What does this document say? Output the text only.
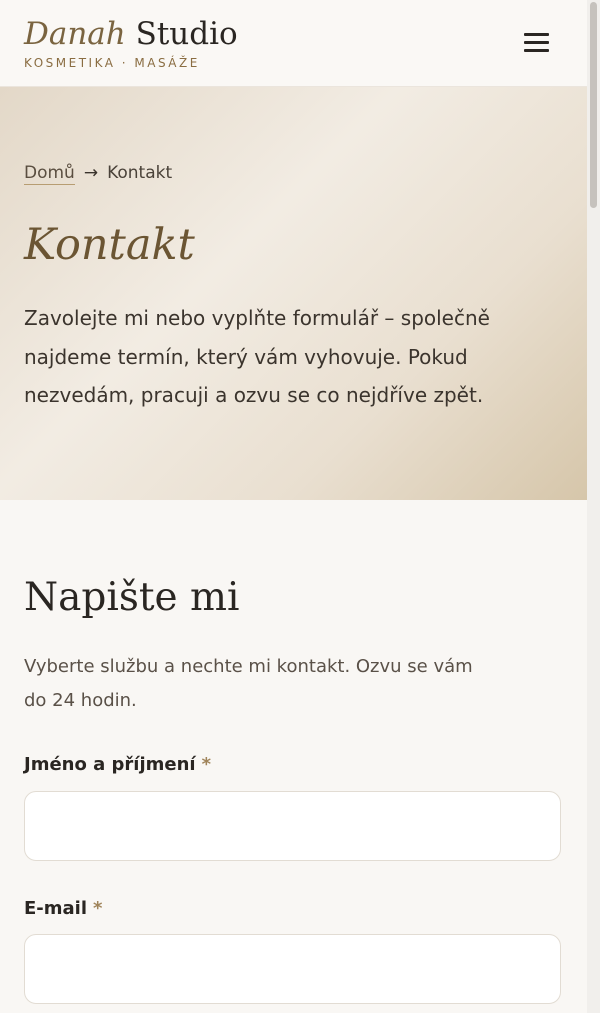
Danah Studio
KOSMETIKA · MASÁŽE
Domů → Kontakt
Kontakt

Zavolejte mi nebo vyplňte formulář – společně najdeme termín, který vám vyhovuje. Pokud nezvedám, pracuji a ozvu se co nejdříve zpět.

Napište mi

Vyberte službu a nechte mi kontakt. Ozvu se vám do 24 hodin.

Jméno a příjmení *
E-mail *
